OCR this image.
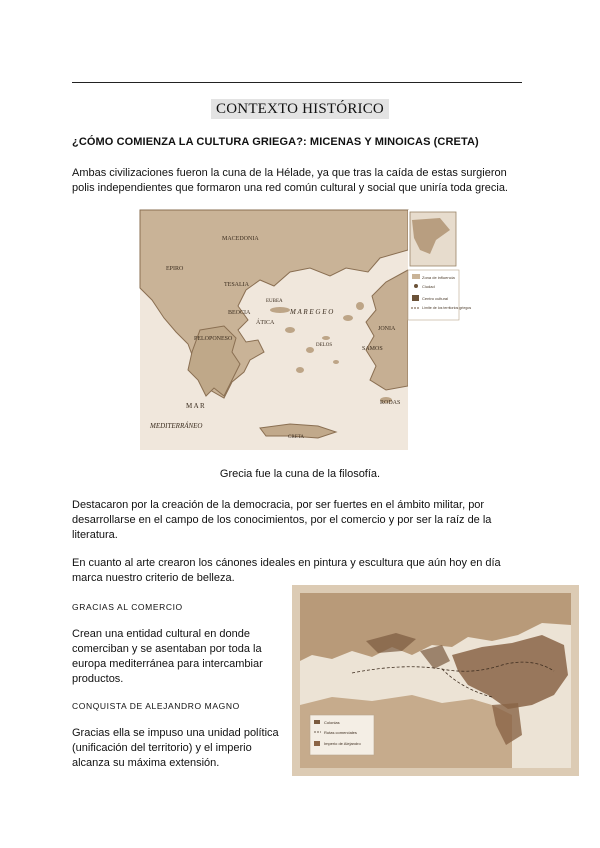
CONTEXTO HISTÓRICO
¿CÓMO COMIENZA LA CULTURA GRIEGA?: MICENAS Y MINOICAS (CRETA)
Ambas civilizaciones fueron la cuna de la Hélade, ya que tras la caída de estas surgieron polis independientes que formaron una red común cultural y social que uniría toda grecia.
Zona de influencia
Ciudad
Centro cultural
Límite de los territorios griegos
MACEDONIA
EPIRO
TESALIA
BEOCIA
ÁTICA
PELOPONESO
M A R E G E O
JONIA
SAMOS
RODAS
CRETA
M A R
MEDITERRÁNEO
EUBEA
DELOS
Grecia fue la cuna de la filosofía.
Destacaron por la creación de la democracia, por ser fuertes en el ámbito militar, por desarrollarse en el campo de los conocimientos, por el comercio y por ser la raíz de la literatura.
En cuanto al arte crearon los cánones ideales en pintura y escultura que aún hoy en día marca nuestro criterio de belleza.
GRACIAS AL COMERCIO
Crean una entidad cultural en donde comerciban y se asentaban por toda la europa mediterránea para intercambiar productos.
CONQUISTA DE ALEJANDRO MAGNO
Gracias ella se impuso una unidad política (unificación del territorio) y el imperio alcanza su máxima extensión.
Colonias
Rutas comerciales
Imperio de Alejandro
